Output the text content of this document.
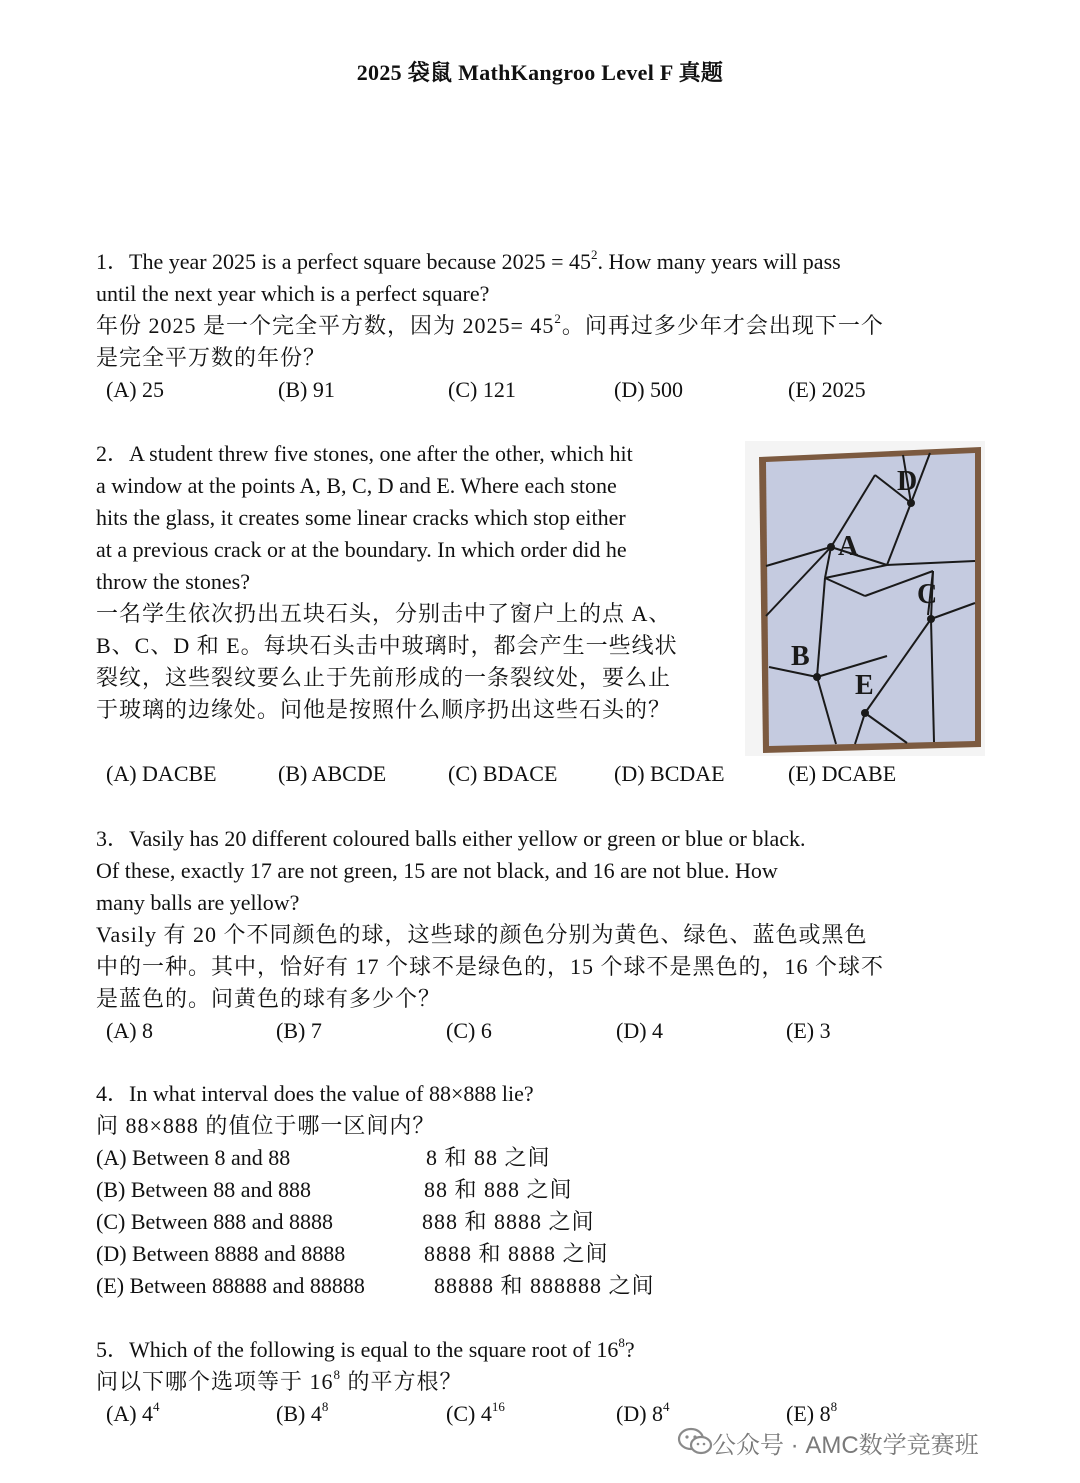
2025 袋鼠 MathKangroo Level F 真题
1．The year 2025 is a perfect square because $2025 = 45^2$. How many years will pass
until the next year which is a perfect square?
年份 2025 是一个完全平方数，因为 $2025= 45^2$。问再过多少年才会出现下一个
是完全平万数的年份？
(A) 25	(B) 91	(C) 121	(D) 500	(E) 2025
2．A student threw five stones, one after the other, which hit
a window at the points A, B, C, D and E. Where each stone
hits the glass, it creates some linear cracks which stop either
at a previous crack or at the boundary. In which order did he
throw the stones?
一名学生依次扔出五块石头，分别击中了窗户上的点 A、
B、C、D 和 E。每块石头击中玻璃时，都会产生一些线状
裂纹，这些裂纹要么止于先前形成的一条裂纹处，要么止
于玻璃的边缘处。问他是按照什么顺序扔出这些石头的？
(A) DACBE	(B) ABCDE	(C) BDACE	(D) BCDAE	(E) DCABE
A
B
C
D
E
3．Vasily has 20 different coloured balls either yellow or green or blue or black.
Of these, exactly 17 are not green, 15 are not black, and 16 are not blue. How
many balls are yellow?
Vasily 有 20 个不同颜色的球，这些球的颜色分别为黄色、绿色、蓝色或黑色
中的一种。其中，恰好有 17 个球不是绿色的，15 个球不是黑色的，16 个球不
是蓝色的。问黄色的球有多少个？
(A) 8	(B) 7	(C) 6	(D) 4	(E) 3
4．In what interval does the value of 88×888 lie?
问 88×888 的值位于哪一区间内？
(A) Between 8 and 88	8 和 88 之间
(B) Between 88 and 888	88 和 888 之间
(C) Between 888 and 8888	888 和 8888 之间
(D) Between 8888 and 8888	8888 和 8888 之间
(E) Between 88888 and 88888	88888 和 888888 之间
5．Which of the following is equal to the square root of $16^8$?
问以下哪个选项等于 $16^8$ 的平方根？
(A) $4^4$	(B) $4^8$	(C) $4^{16}$	(D) $8^4$	(E) $8^8$
公众号 · AMC数学竞赛班
